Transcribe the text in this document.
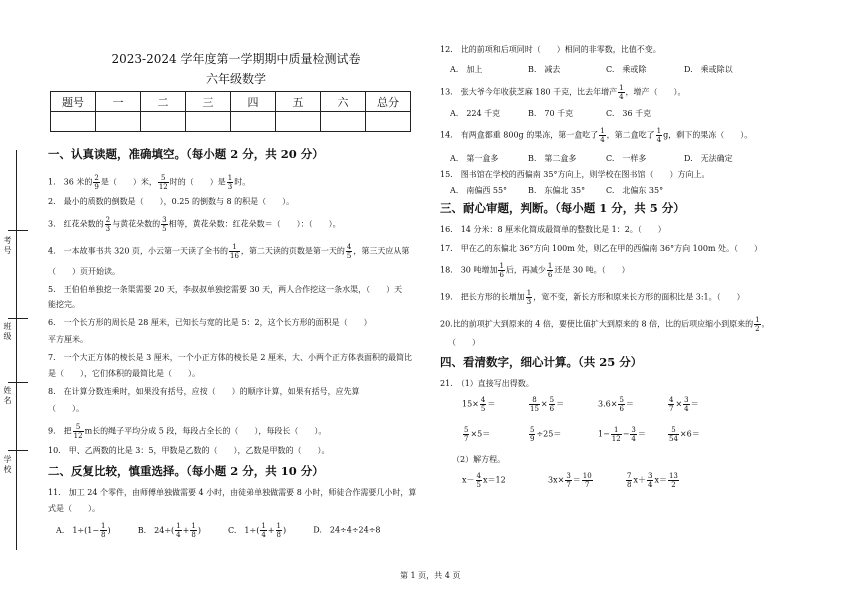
考
号
班
级
姓
名
学
校
2023-2024 学年度第一学期期中质量检测试卷
六年级数学
题号	一	二	三	四	五	六	总分

一、认真读题，准确填空。（每小题 2 分，共 20 分）
1.　36 米的 $\frac{2}{9}$ 是（　　）米， $\frac{5}{12}$ 时的（　　）是 $\frac{1}{3}$ 时。
2.　最小的质数的倒数是（　　），0.25 的倒数与 8 的积是（　　）。
3.　红花朵数的 $\frac{2}{3}$ 与黄花朵数的 $\frac{3}{5}$ 相等，黄花朵数：红花朵数＝（　　）：（　　）。
4.　一本故事书共 320 页，小云第一天读了全书的 $\frac{1}{16}$ ，第二天读的页数是第一天的 $\frac{4}{5}$ ，第三天应从第
（　　）页开始读。
5.　王伯伯单独挖一条渠需要 20 天，李叔叔单独挖需要 30 天，两人合作挖这一条水渠，（　　）天
能挖完。
6.　一个长方形的周长是 28 厘米，已知长与宽的比是 5：2，这个长方形的面积是（　　）
平方厘米。
7.　一个大正方体的棱长是 3 厘米，一个小正方体的棱长是 2 厘米，大、小两个正方体表面积的最简比
是（　　），它们体积的最简比是（　　）。
8.　在计算分数连乘时，如果没有括号，应按（　　）的顺序计算，如果有括号，应先算
（　　）。
9.　把 $\frac{5}{12}$ m长的绳子平均分成 5 段，每段占全长的（　　），每段长（　　）。
10.　甲、乙两数的比是 3：5，甲数是乙数的（　　），乙数是甲数的（　　）。
二、反复比较，慎重选择。（每小题 2 分，共 10 分）
11.　加工 24 个零件，由师傅单独做需要 4 小时，由徒弟单独做需要 8 小时，师徒合作需要几小时，算
式是（　　）。
A.　$1\div(1- \frac{1}{8}$ )	B.　$24\div( \frac{1}{4} + \frac{1}{8}$ )	C.　$1\div( \frac{1}{4} + \frac{1}{8}$ )	D.　24÷4÷24÷8
12.　比的前项和后项同时（　　）相同的非零数，比值不变。
A.　加上	B.　减去	C.　乘或除	D.　乘或除以
13.　张大爷今年收获芝麻 180 千克，比去年增产 $\frac{1}{4}$ ，增产（　　）。
A.　224 千克	B.　70 千克	C.　36 千克
14.　有两盒都重 800g 的果冻，第一盒吃了 $\frac{1}{4}$ ，第二盒吃了 $\frac{1}{4}$ g，剩下的果冻（　　）。
A.　第一盒多	B.　第二盒多	C.　一样多	D.　无法确定
15.　图书馆在学校的西偏南 35°方向上，则学校在图书馆（　　）方向上。
A.　南偏西 55°	B.　东偏北 35°	C.　北偏东 35°
三、耐心审题，判断。（每小题 1 分，共 5 分）
16.　14 分米：8 厘米化简成最简单的整数比是 1：2。（　　）
17.　甲在乙的东偏北 36°方向 100m 处，则乙在甲的西偏南 36°方向 100m 处。（　　）
18.　30 吨增加 $\frac{1}{6}$ 后，再减少 $\frac{1}{6}$ 还是 30 吨。（　　）
19.　把长方形的长增加 $\frac{1}{3}$ ，宽不变，新长方形和原来长方形的面积比是 3:1。（　　）
20.比的前项扩大到原来的 4 倍，要使比值扩大到原来的 8 倍，比的后项应缩小到原来的 $\frac{1}{2}$ 。
（　　）
四、看清数字，细心计算。（共 25 分）
21.　（1）直接写出得数。
$15\times \frac{4}{5}$ ＝	$\frac{8}{15} \times \frac{5}{6}$ ＝	$3.6\times \frac{5}{6}$ ＝	$\frac{4}{7} \times \frac{3}{4}$ ＝
$\frac{5}{7} \times 5=$	$\frac{5}{9} \div 25=$	$1- \frac{1}{12} - \frac{3}{4}$ ＝	$\frac{5}{54} \times 6=$
（2）解方程。
$x- \frac{4}{5} x=12$	$3x\times \frac{3}{7} = \frac{10}{7}$	$\frac{7}{8} x+ \frac{3}{4} x= \frac{13}{2}$
第 1 页，共 4 页
